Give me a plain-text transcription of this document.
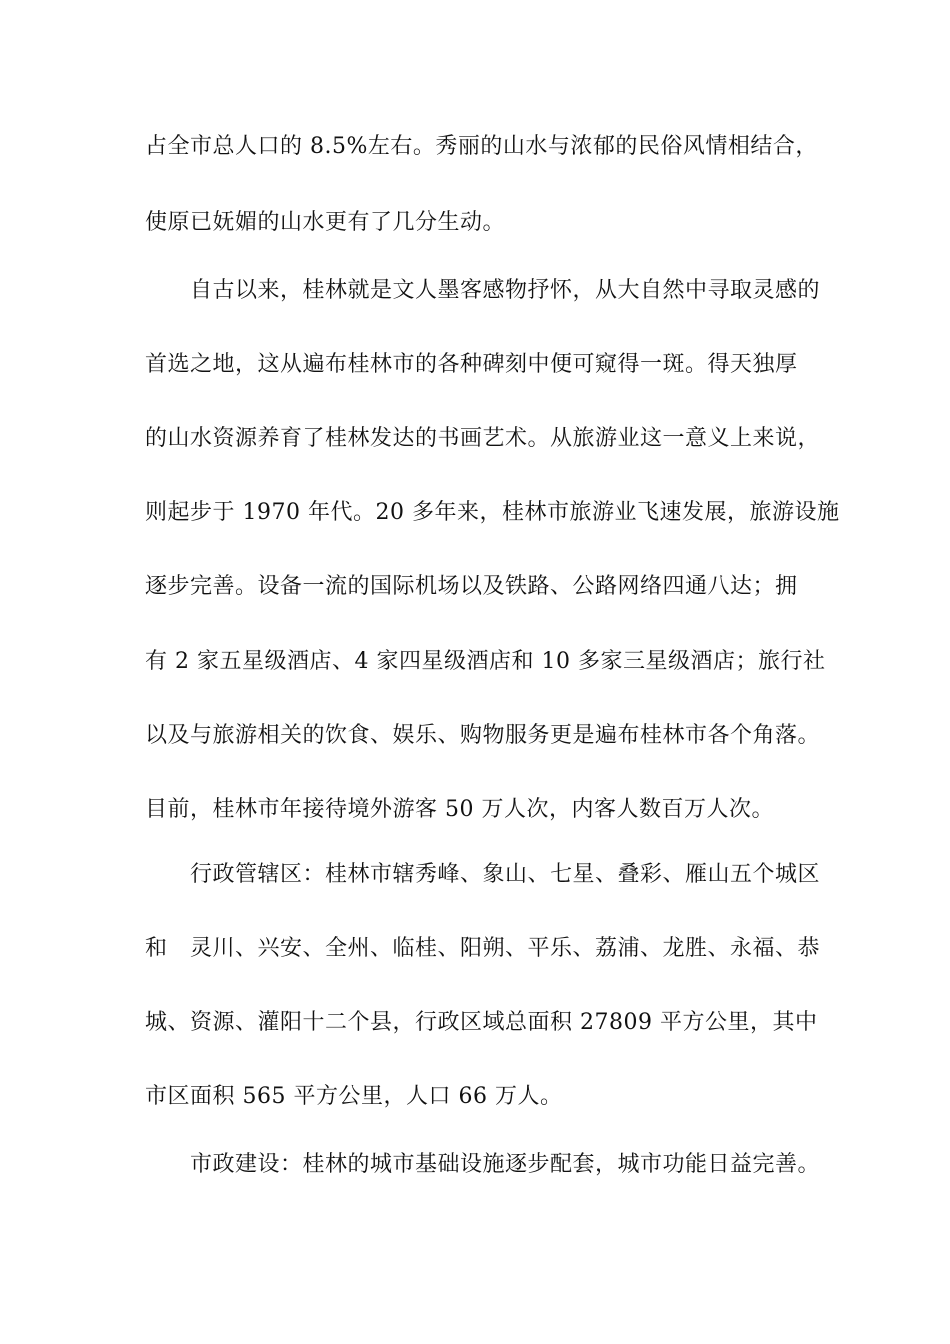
占全市总人口的 8.5%左右。秀丽的山水与浓郁的民俗风情相结合，
使原已妩媚的山水更有了几分生动。
　　自古以来，桂林就是文人墨客感物抒怀，从大自然中寻取灵感的
首选之地，这从遍布桂林市的各种碑刻中便可窥得一斑。得天独厚
的山水资源养育了桂林发达的书画艺术。从旅游业这一意义上来说，
则起步于 1970 年代。20 多年来，桂林市旅游业飞速发展，旅游设施
逐步完善。设备一流的国际机场以及铁路、公路网络四通八达；拥
有 2 家五星级酒店、4 家四星级酒店和 10 多家三星级酒店；旅行社
以及与旅游相关的饮食、娱乐、购物服务更是遍布桂林市各个角落。
目前，桂林市年接待境外游客 50 万人次，内客人数百万人次。
　　行政管辖区：桂林市辖秀峰、象山、七星、叠彩、雁山五个城区
和　灵川、兴安、全州、临桂、阳朔、平乐、荔浦、龙胜、永福、恭
城、资源、灌阳十二个县，行政区域总面积 27809 平方公里，其中
市区面积 565 平方公里，人口 66 万人。
　　市政建设：桂林的城市基础设施逐步配套，城市功能日益完善。
